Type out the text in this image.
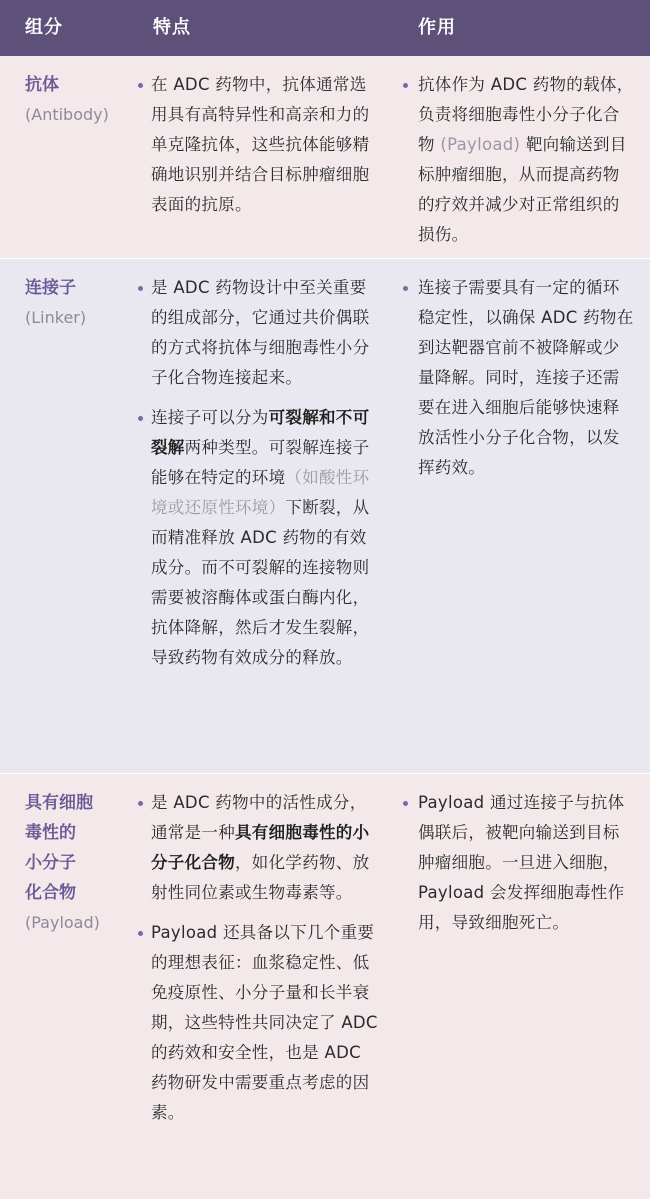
组分	特点	作用
抗体
(Antibody)
在 ADC 药物中，抗体通常选用具有高特异性和高亲和力的单克隆抗体，这些抗体能够精确地识别并结合目标肿瘤细胞表面的抗原。
抗体作为 ADC 药物的载体，负责将细胞毒性小分子化合物 (Payload) 靶向输送到目标肿瘤细胞，从而提高药物的疗效并减少对正常组织的损伤。
连接子
(Linker)
是 ADC 药物设计中至关重要的组成部分，它通过共价偶联的方式将抗体与细胞毒性小分子化合物连接起来。
连接子可以分为可裂解和不可裂解两种类型。可裂解连接子能够在特定的环境（如酸性环境或还原性环境）下断裂，从而精准释放 ADC 药物的有效成分。而不可裂解的连接物则需要被溶酶体或蛋白酶内化，抗体降解，然后才发生裂解，导致药物有效成分的释放。
连接子需要具有一定的循环稳定性，以确保 ADC 药物在到达靶器官前不被降解或少量降解。同时，连接子还需要在进入细胞后能够快速释放活性小分子化合物，以发挥药效。
具有细胞
毒性的
小分子
化合物
(Payload)
是 ADC 药物中的活性成分，通常是一种具有细胞毒性的小分子化合物，如化学药物、放射性同位素或生物毒素等。
Payload 还具备以下几个重要的理想表征：血浆稳定性、低免疫原性、小分子量和长半衰期，这些特性共同决定了 ADC 的药效和安全性，也是 ADC 药物研发中需要重点考虑的因素。
Payload 通过连接子与抗体偶联后，被靶向输送到目标肿瘤细胞。一旦进入细胞，Payload 会发挥细胞毒性作用，导致细胞死亡。
